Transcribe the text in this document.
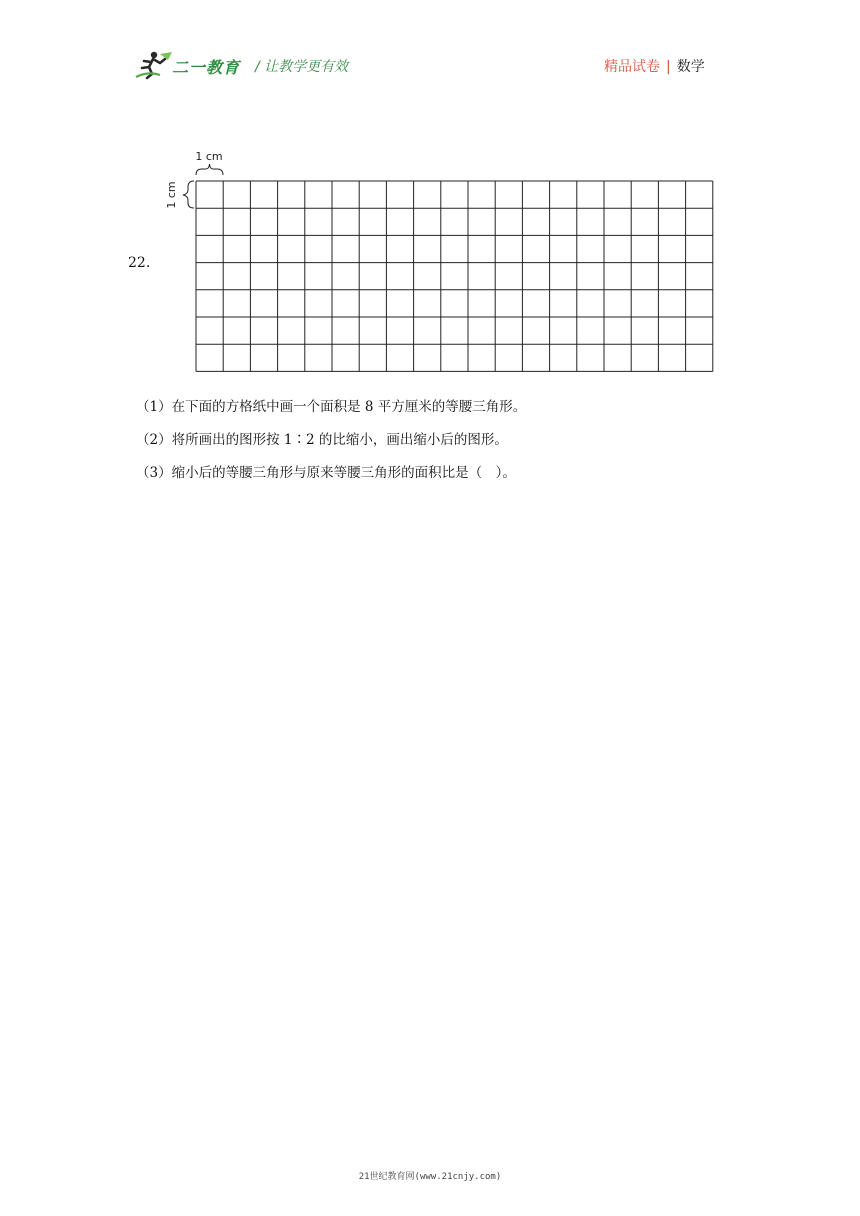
二一教育 / 让教学更有效	精品试卷 | 数学
22.
1 cm
1 cm
（1）在下面的方格纸中画一个面积是 8 平方厘米的等腰三角形。
（2）将所画出的图形按 1∶2 的比缩小，画出缩小后的图形。
（3）缩小后的等腰三角形与原来等腰三角形的面积比是（　）。
21世纪教育网(www.21cnjy.com)
